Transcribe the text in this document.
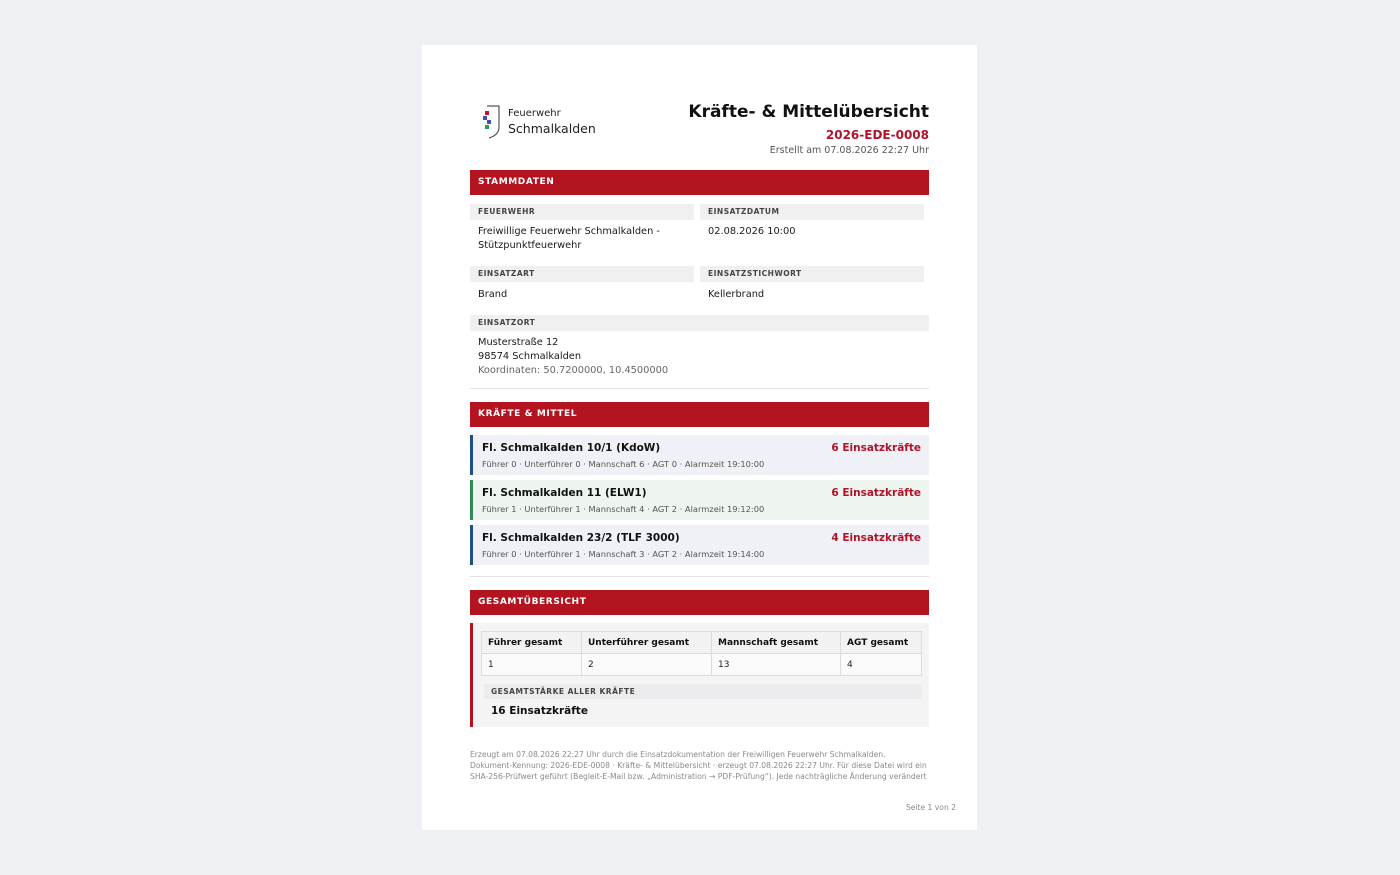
Feuerwehr
Schmalkalden
Kräfte- & Mittelübersicht
2026-EDE-0008
Erstellt am 07.08.2026 22:27 Uhr
STAMMDATEN
FEUERWEHR
Freiwillige Feuerwehr Schmalkalden -
Stützpunktfeuerwehr
EINSATZDATUM
02.08.2026 10:00
EINSATZART
Brand
EINSATZSTICHWORT
Kellerbrand
EINSATZORT
Musterstraße 12
98574 Schmalkalden
Koordinaten: 50.7200000, 10.4500000
KRÄFTE & MITTEL
Fl. Schmalkalden 10/1 (KdoW)	6 Einsatzkräfte
Führer 0 · Unterführer 0 · Mannschaft 6 · AGT 0 · Alarmzeit 19:10:00
Fl. Schmalkalden 11 (ELW1)	6 Einsatzkräfte
Führer 1 · Unterführer 1 · Mannschaft 4 · AGT 2 · Alarmzeit 19:12:00
Fl. Schmalkalden 23/2 (TLF 3000)	4 Einsatzkräfte
Führer 0 · Unterführer 1 · Mannschaft 3 · AGT 2 · Alarmzeit 19:14:00
GESAMTÜBERSICHT
Führer gesamt	Unterführer gesamt	Mannschaft gesamt	AGT gesamt
1	2	13	4
GESAMTSTÄRKE ALLER KRÄFTE
16 Einsatzkräfte
Erzeugt am 07.08.2026 22:27 Uhr durch die Einsatzdokumentation der Freiwilligen Feuerwehr Schmalkalden.
Dokument-Kennung: 2026-EDE-0008 · Kräfte- & Mittelübersicht · erzeugt 07.08.2026 22:27 Uhr. Für diese Datei wird ein
SHA-256-Prüfwert geführt (Begleit-E-Mail bzw. „Administration → PDF-Prüfung“). Jede nachträgliche Änderung verändert
Seite 1 von 2
